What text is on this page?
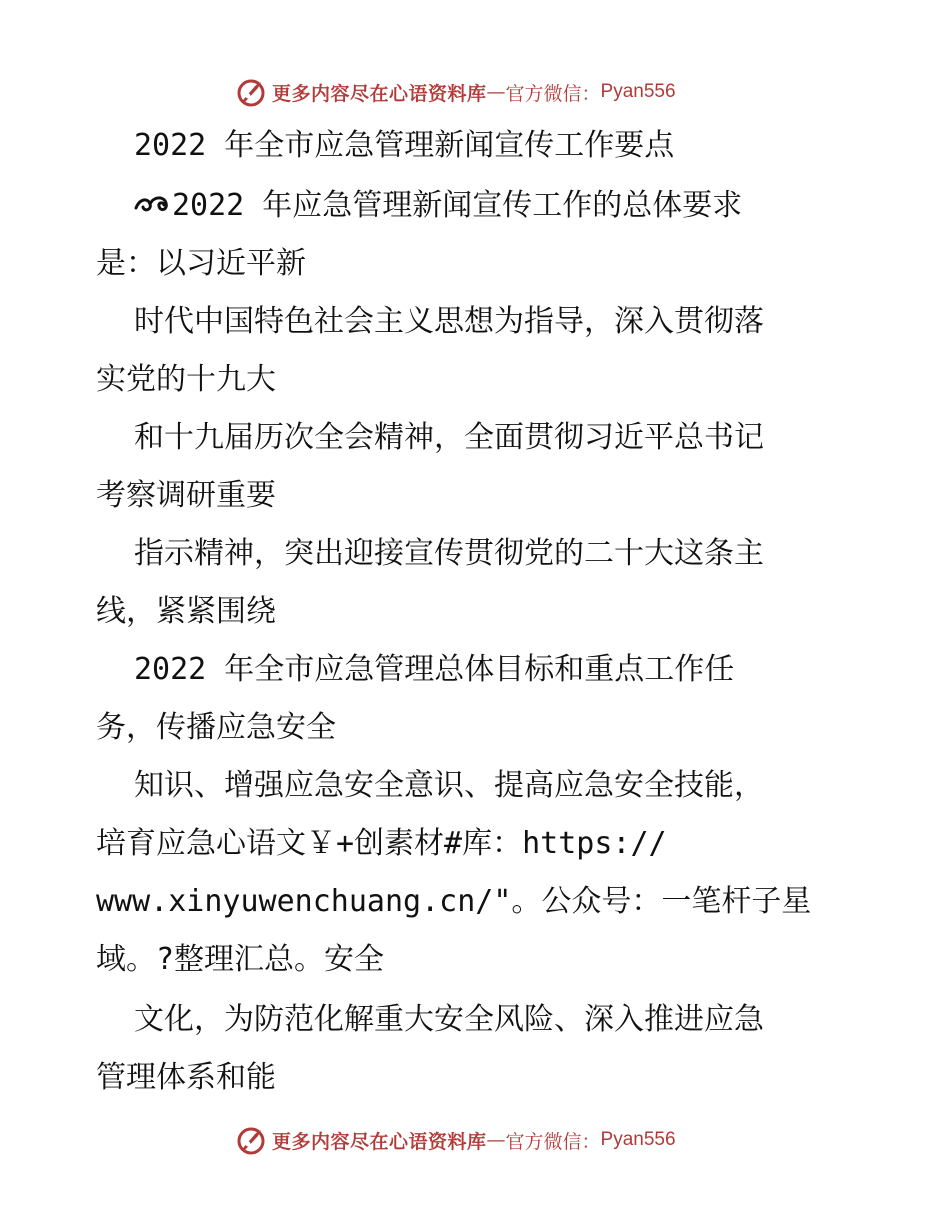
更多内容尽在心语资料库 — 官方微信： Pyan556
2022 年全市应急管理新闻宣传工作要点
2022 年应急管理新闻宣传工作的总体要求
是：以习近平新
时代中国特色社会主义思想为指导，深入贯彻落
实党的十九大
和十九届历次全会精神，全面贯彻习近平总书记
考察调研重要
指示精神，突出迎接宣传贯彻党的二十大这条主
线，紧紧围绕
2022 年全市应急管理总体目标和重点工作任
务，传播应急安全
知识、增强应急安全意识、提高应急安全技能，
培育应急心语文￥+创素材#库：https://
www.xinyuwenchuang.cn/"。公众号：一笔杆子星
域。?整理汇总。安全
文化，为防范化解重大安全风险、深入推进应急
管理体系和能
更多内容尽在心语资料库 — 官方微信： Pyan556
